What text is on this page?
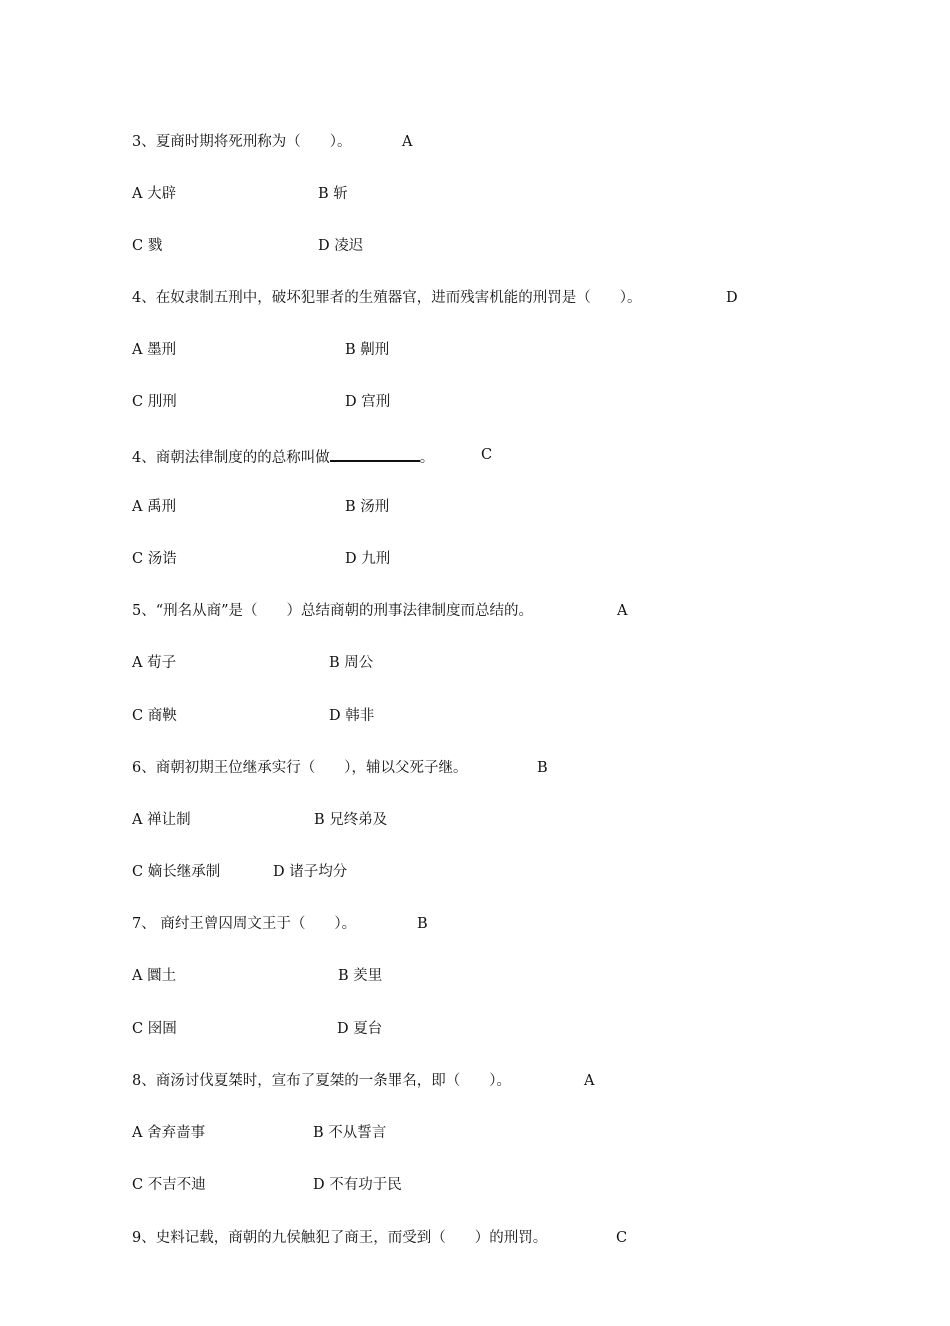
3、夏商时期将死刑称为（　　）。	A
A 大辟	B 斩
C 戮	D 凌迟
4、在奴隶制五刑中，破坏犯罪者的生殖器官，进而残害机能的刑罚是（　　）。	D
A 墨刑	B 劓刑
C 刖刑	D 宫刑
4、商朝法律制度的的总称叫做	。	C
A 禹刑	B 汤刑
C 汤诰	D 九刑
5、“刑名从商”是（　　）总结商朝的刑事法律制度而总结的。	A
A 荀子	B 周公
C 商鞅	D 韩非
6、商朝初期王位继承实行（　　），辅以父死子继。	B
A 禅让制	B 兄终弟及
C 嫡长继承制	D 诸子均分
7、 商纣王曾囚周文王于（　　）。	B
A 圜土	B 羑里
C 囹圄	D 夏台
8、商汤讨伐夏桀时，宣布了夏桀的一条罪名，即（　　）。	A
A 舍弃啬事	B 不从誓言
C 不吉不迪	D 不有功于民
9、史料记载，商朝的九侯触犯了商王，而受到（　　）的刑罚。	C
